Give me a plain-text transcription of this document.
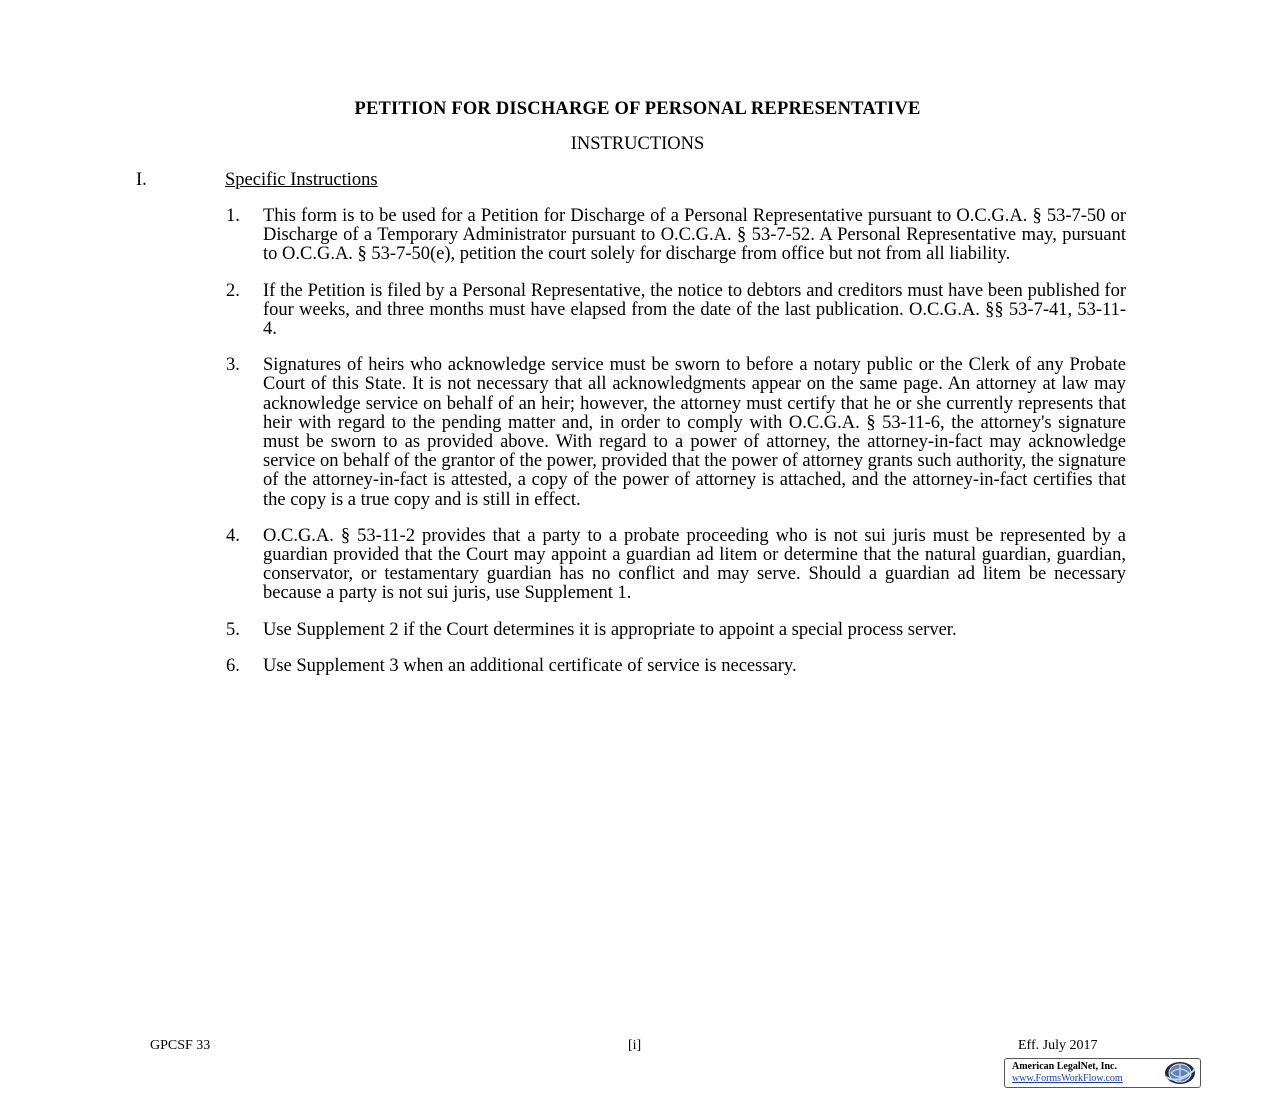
PETITION FOR DISCHARGE OF PERSONAL REPRESENTATIVE
INSTRUCTIONS
I.	Specific Instructions
1. This form is to be used for a Petition for Discharge of a Personal Representative pursuant to O.C.G.A. § 53-7-50 or Discharge of a Temporary Administrator pursuant to O.C.G.A. § 53-7-52. A Personal Representative may, pursuant to O.C.G.A. § 53-7-50(e), petition the court solely for discharge from office but not from all liability.
2. If the Petition is filed by a Personal Representative, the notice to debtors and creditors must have been published for four weeks, and three months must have elapsed from the date of the last publication. O.C.G.A. §§ 53-7-41, 53-11-4.
3. Signatures of heirs who acknowledge service must be sworn to before a notary public or the Clerk of any Probate Court of this State. It is not necessary that all acknowledgments appear on the same page. An attorney at law may acknowledge service on behalf of an heir; however, the attorney must certify that he or she currently represents that heir with regard to the pending matter and, in order to comply with O.C.G.A. § 53-11-6, the attorney's signature must be sworn to as provided above. With regard to a power of attorney, the attorney-in-fact may acknowledge service on behalf of the grantor of the power, provided that the power of attorney grants such authority, the signature of the attorney-in-fact is attested, a copy of the power of attorney is attached, and the attorney-in-fact certifies that the copy is a true copy and is still in effect.
4. O.C.G.A. § 53-11-2 provides that a party to a probate proceeding who is not sui juris must be represented by a guardian provided that the Court may appoint a guardian ad litem or determine that the natural guardian, guardian, conservator, or testamentary guardian has no conflict and may serve. Should a guardian ad litem be necessary because a party is not sui juris, use Supplement 1.
5. Use Supplement 2 if the Court determines it is appropriate to appoint a special process server.
6. Use Supplement 3 when an additional certificate of service is necessary.
GPCSF 33	[i]	Eff. July 2017
American LegalNet, Inc.
www.FormsWorkFlow.com
